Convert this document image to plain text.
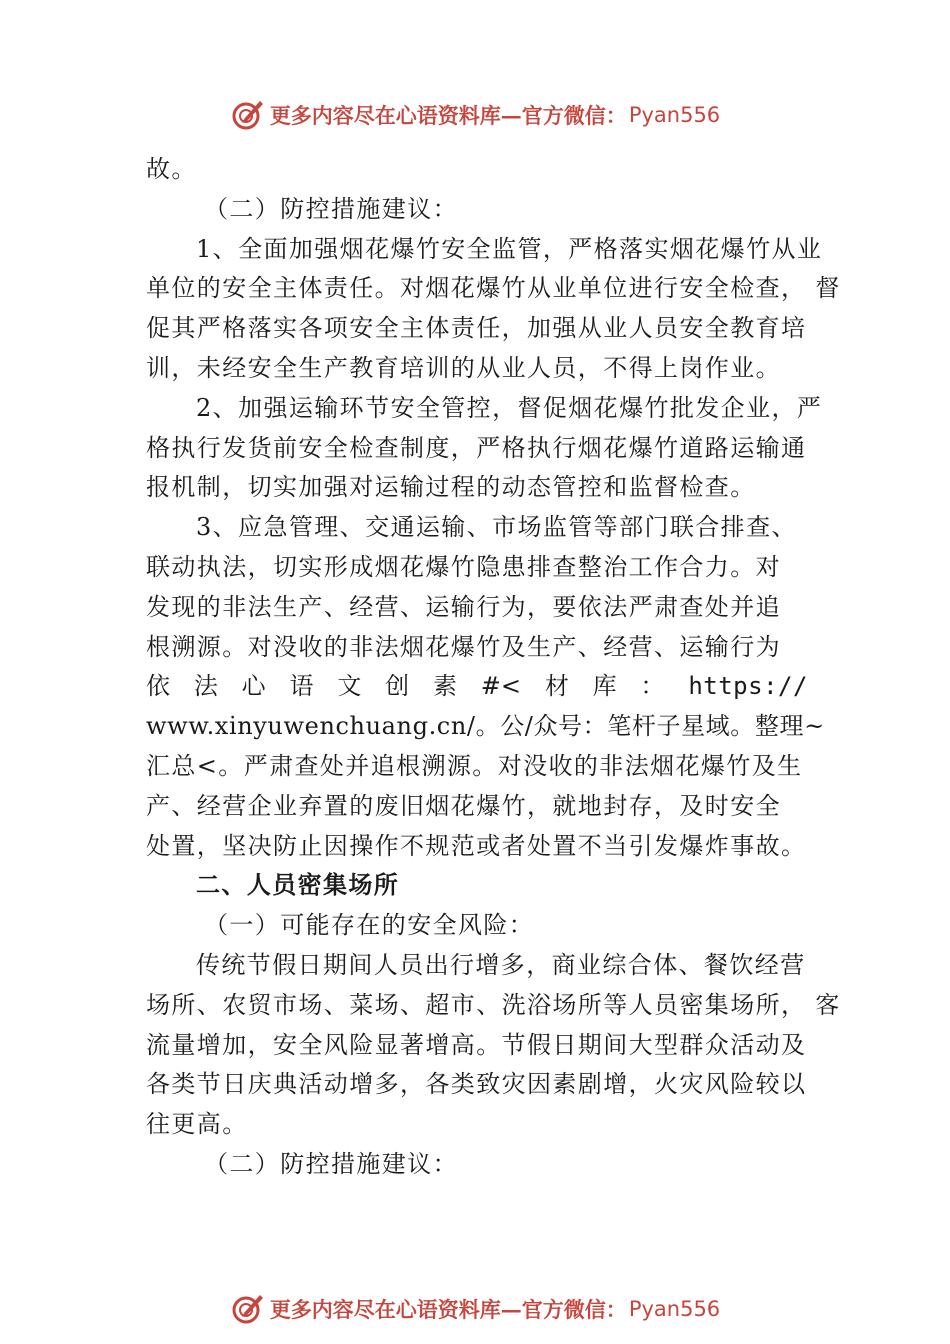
更多内容尽在心语资料库—官方微信： Pyan556
故。
（二）防控措施建议：
1、全面加强烟花爆竹安全监管，严格落实烟花爆竹从业
单位的安全主体责任。对烟花爆竹从业单位进行安全检查， 督
促其严格落实各项安全主体责任，加强从业人员安全教育培
训，未经安全生产教育培训的从业人员，不得上岗作业。
2、加强运输环节安全管控，督促烟花爆竹批发企业，严
格执行发货前安全检查制度，严格执行烟花爆竹道路运输通
报机制，切实加强对运输过程的动态管控和监督检查。
3、应急管理、交通运输、市场监管等部门联合排查、
联动执法，切实形成烟花爆竹隐患排查整治工作合力。对
发现的非法生产、经营、运输行为，要依法严肃查处并追
根溯源。对没收的非法烟花爆竹及生产、经营、运输行为
依 法 心 语 文 创 素 #< 材 库 ： https://
www.xinyuwenchuang.cn/。公/众号：笔杆子星域。整理~
汇总<。严肃查处并追根溯源。对没收的非法烟花爆竹及生
产、经营企业弃置的废旧烟花爆竹，就地封存，及时安全
处置，坚决防止因操作不规范或者处置不当引发爆炸事故。
二、人员密集场所
（一）可能存在的安全风险：
传统节假日期间人员出行增多，商业综合体、餐饮经营
场所、农贸市场、菜场、超市、洗浴场所等人员密集场所， 客
流量增加，安全风险显著增高。节假日期间大型群众活动及
各类节日庆典活动增多，各类致灾因素剧增，火灾风险较以
往更高。
（二）防控措施建议：
更多内容尽在心语资料库—官方微信： Pyan556
